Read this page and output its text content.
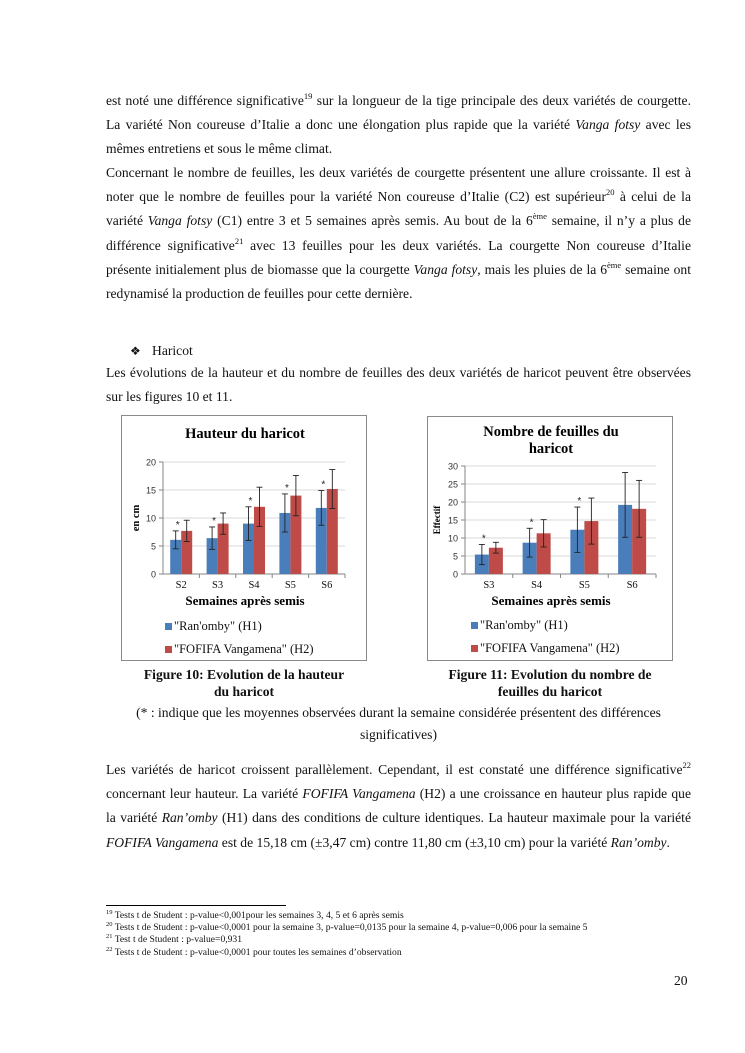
est noté une différence significative$^{19}$ sur la longueur de la tige principale des deux variétés de courgette. La variété Non coureuse d’Italie a donc une élongation plus rapide que la variété Vanga fotsy avec les mêmes entretiens et sous le même climat.
Concernant le nombre de feuilles, les deux variétés de courgette présentent une allure croissante. Il est à noter que le nombre de feuilles pour la variété Non coureuse d’Italie (C2) est supérieur$^{20}$ à celui de la variété Vanga fotsy (C1) entre 3 et 5 semaines après semis. Au bout de la 6ème semaine, il n’y a plus de différence significative$^{21}$ avec 13 feuilles pour les deux variétés. La courgette Non coureuse d’Italie présente initialement plus de biomasse que la courgette Vanga fotsy, mais les pluies de la 6ème semaine ont redynamisé la production de feuilles pour cette dernière.
❖ Haricot
Les évolutions de la hauteur et du nombre de feuilles des deux variétés de haricot peuvent être observées sur les figures 10 et 11.
Hauteur du haricot
0
5
10
15
20
en cm	*
S2
*
S3
*
S4
*
S5
*
S6
Semaines après semis
"Ran'omby" (H1)
"FOFIFA Vangamena" (H2)
Nombre de feuilles du
haricot
0
5
10
15
20
25
30
Effectif
*
S3
*
S4
*
S5	S6
Semaines après semis
"Ran'omby" (H1)
"FOFIFA Vangamena" (H2)
Figure 10: Evolution de la hauteur
du haricot
Figure 11: Evolution du nombre de
feuilles du haricot
(* : indique que les moyennes observées durant la semaine considérée présentent des différences significatives)
Les variétés de haricot croissent parallèlement. Cependant, il est constaté une différence significative$^{22}$ concernant leur hauteur. La variété FOFIFA Vangamena (H2) a une croissance en hauteur plus rapide que la variété Ran’omby (H1) dans des conditions de culture identiques. La hauteur maximale pour la variété FOFIFA Vangamena est de 15,18 cm (±3,47 cm) contre 11,80 cm (±3,10 cm) pour la variété Ran’omby.
$^{19}$ Tests t de Student : p-value<0,001pour les semaines 3, 4, 5 et 6 après semis
$^{20}$ Tests t de Student : p-value<0,0001 pour la semaine 3, p-value=0,0135 pour la semaine 4, p-value=0,006 pour la semaine 5
$^{21}$ Test t de Student : p-value=0,931
$^{22}$ Tests t de Student : p-value<0,0001 pour toutes les semaines d’observation
20
